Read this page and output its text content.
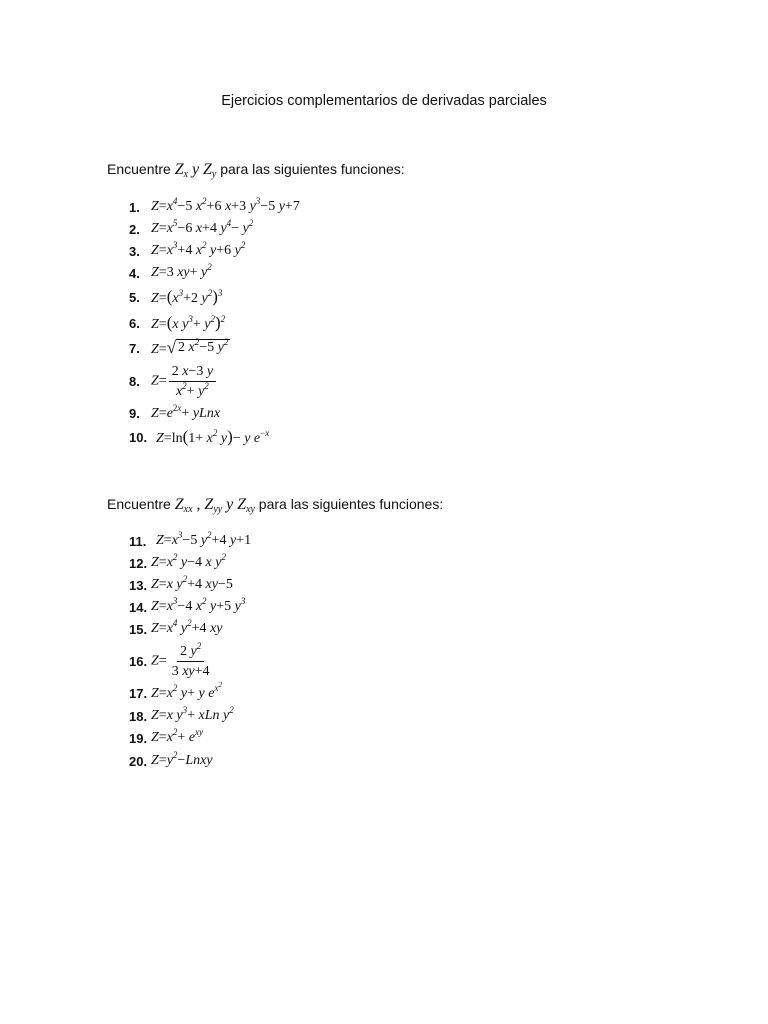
Ejercicios complementarios de derivadas parciales
Encuentre $Z_x$ y $Z_y$ para las siguientes funciones:
1. $Z=x^4-5$ $x^2+6$ x+3 $y^3-5$ y+7
2. $Z=x^5-6$ x+4 $y^4- y^2$
3. $Z=x^3+4$ $x^2$ y+6 $y^2$
4. Z=3 $xy+ y^2$
5. $Z=(x^3+2$ $y^2)^3$
6. Z=(x $y^3+ y^2)^2$
7. Z= √ 2 $x^2-5$ $y^2$
8. $Z= \frac{2 x-3 y}{x^2+ y^2}$
9. $Z=e^{2x}+$ yLnx
10. $Z=\ln(1+ x^2$ y)− y $e^{-x}$
Encuentre $Z_{xx}$ , $Z_{yy}$ y $Z_{xy}$ para las siguientes funciones:
11. $Z=x^3-5$ $y^2+4$ y+1
12. $Z=x^2$ y−4 x $y^2$
13. Z=x $y^2+4$ xy−5
14. $Z=x^3-4$ $x^2$ y+5 $y^3$
15. $Z=x^4$ $y^2+4$ xy
16. $Z= \frac{2 y^2}{3 xy+4}$
17. $Z=x^2$ y+ y $e^{x^2}$
18. Z=x $y^3+$ xLn $y^2$
19. $Z=x^2+ e^{xy}$
20. $Z=y^2-Lnxy$
